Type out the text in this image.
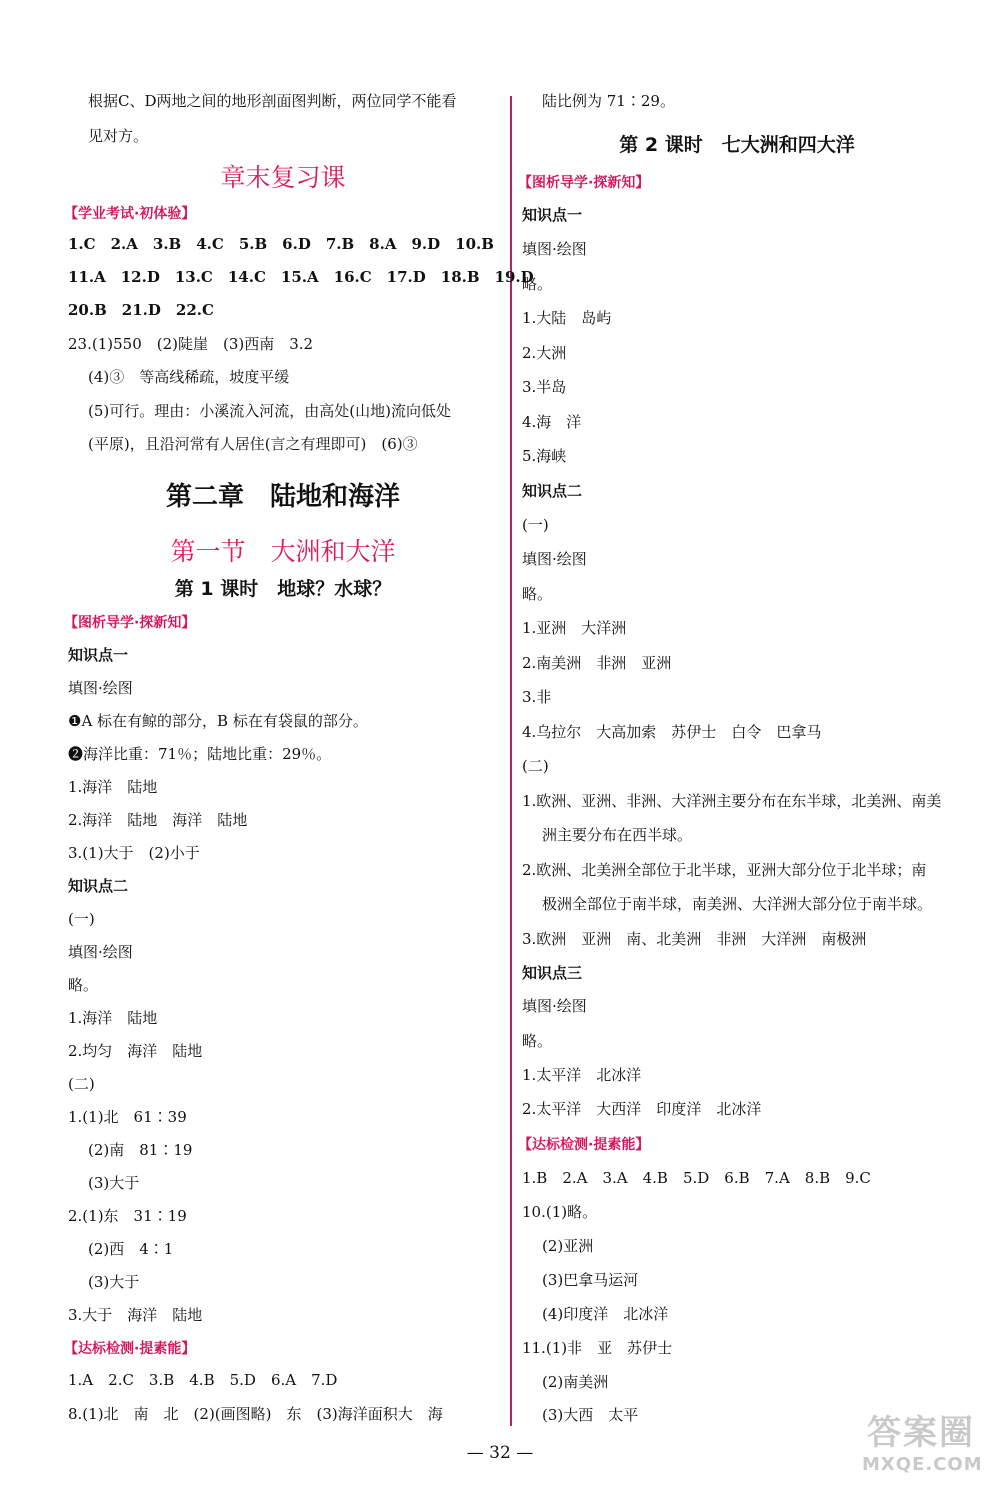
根据C、D两地之间的地形剖面图判断，两位同学不能看
见对方。
章末复习课
【学业考试·初体验】
1.C　2.A　3.B　4.C　5.B　6.D　7.B　8.A　9.D　10.B
11.A　12.D　13.C　14.C　15.A　16.C　17.D　18.B　19.D
20.B　21.D　22.C
23.(1)550　(2)陡崖　(3)西南　3.2
(4)③　等高线稀疏，坡度平缓
(5)可行。理由：小溪流入河流，由高处(山地)流向低处
(平原)，且沿河常有人居住(言之有理即可)　(6)③
第二章　陆地和海洋
第一节　大洲和大洋
第 1 课时　地球？水球？
【图析导学·探新知】
知识点一
填图·绘图
❶A 标在有鲸的部分，B 标在有袋鼠的部分。
❷海洋比重：71％；陆地比重：29％。
1.海洋　陆地
2.海洋　陆地　海洋　陆地
3.(1)大于　(2)小于
知识点二
(一)
填图·绘图
略。
1.海洋　陆地
2.均匀　海洋　陆地
(二)
1.(1)北　61∶39
(2)南　81∶19
(3)大于
2.(1)东　31∶19
(2)西　4∶1
(3)大于
3.大于　海洋　陆地
【达标检测·提素能】
1.A　2.C　3.B　4.B　5.D　6.A　7.D
8.(1)北　南　北　(2)(画图略)　东　(3)海洋面积大　海
陆比例为 71∶29。
第 2 课时　七大洲和四大洋
【图析导学·探新知】
知识点一
填图·绘图
略。
1.大陆　岛屿
2.大洲
3.半岛
4.海　洋
5.海峡
知识点二
(一)
填图·绘图
略。
1.亚洲　大洋洲
2.南美洲　非洲　亚洲
3.非
4.乌拉尔　大高加索　苏伊士　白令　巴拿马
(二)
1.欧洲、亚洲、非洲、大洋洲主要分布在东半球，北美洲、南美
洲主要分布在西半球。
2.欧洲、北美洲全部位于北半球，亚洲大部分位于北半球；南
极洲全部位于南半球，南美洲、大洋洲大部分位于南半球。
3.欧洲　亚洲　南、北美洲　非洲　大洋洲　南极洲
知识点三
填图·绘图
略。
1.太平洋　北冰洋
2.太平洋　大西洋　印度洋　北冰洋
【达标检测·提素能】
1.B　2.A　3.A　4.B　5.D　6.B　7.A　8.B　9.C
10.(1)略。
(2)亚洲
(3)巴拿马运河
(4)印度洋　北冰洋
11.(1)非　亚　苏伊士
(2)南美洲
(3)大西　太平
— 32 —	答案圈
MXQE.COM
